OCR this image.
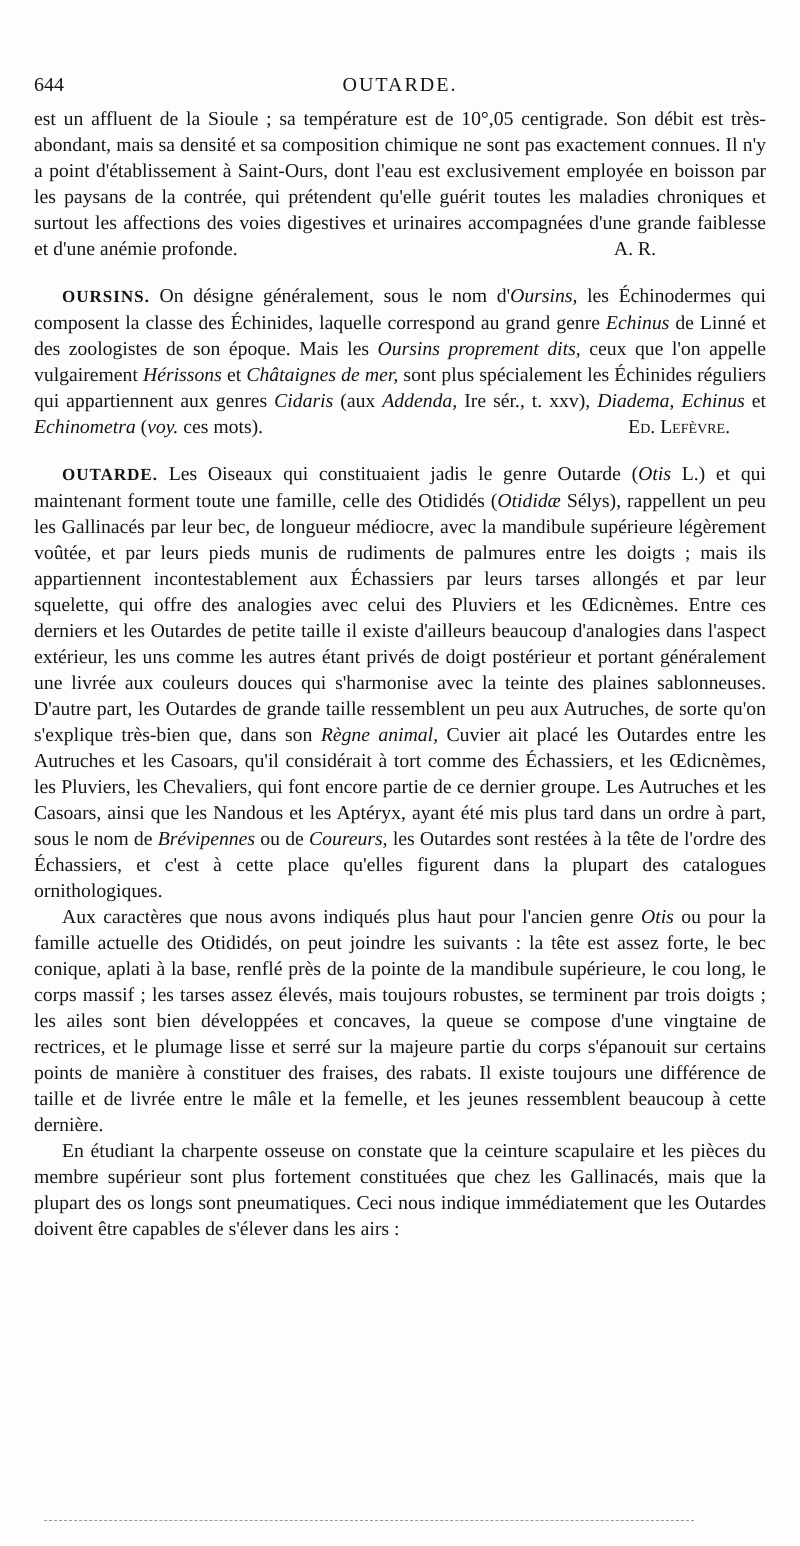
644	OUTARDE.

est un affluent de la Sioule ; sa température est de 10°,05 centigrade. Son débit est très-abondant, mais sa densité et sa composition chimique ne sont pas exactement connues. Il n'y a point d'établissement à Saint-Ours, dont l'eau est exclusivement employée en boisson par les paysans de la contrée, qui prétendent qu'elle guérit toutes les maladies chroniques et surtout les affections des voies digestives et urinaires accompagnées d'une grande faiblesse et d'une anémie profonde.	A. R.

OURSINS. On désigne généralement, sous le nom d'Oursins, les Échinodermes qui composent la classe des Échinides, laquelle correspond au grand genre Echinus de Linné et des zoologistes de son époque. Mais les Oursins proprement dits, ceux que l'on appelle vulgairement Hérissons et Châtaignes de mer, sont plus spécialement les Échinides réguliers qui appartiennent aux genres Cidaris (aux Addenda, Ire sér., t. xxv), Diadema, Echinus et Echinometra (voy. ces mots).	Ed. Lefèvre.

OUTARDE. Les Oiseaux qui constituaient jadis le genre Outarde (Otis L.) et qui maintenant forment toute une famille, celle des Otididés (Otididæ Sélys), rappellent un peu les Gallinacés par leur bec, de longueur médiocre, avec la mandibule supérieure légèrement voûtée, et par leurs pieds munis de rudiments de palmures entre les doigts ; mais ils appartiennent incontestablement aux Échassiers par leurs tarses allongés et par leur squelette, qui offre des analogies avec celui des Pluviers et les Œdicnèmes. Entre ces derniers et les Outardes de petite taille il existe d'ailleurs beaucoup d'analogies dans l'aspect extérieur, les uns comme les autres étant privés de doigt postérieur et portant généralement une livrée aux couleurs douces qui s'harmonise avec la teinte des plaines sablonneuses. D'autre part, les Outardes de grande taille ressemblent un peu aux Autruches, de sorte qu'on s'explique très-bien que, dans son Règne animal, Cuvier ait placé les Outardes entre les Autruches et les Casoars, qu'il considérait à tort comme des Échassiers, et les Œdicnèmes, les Pluviers, les Chevaliers, qui font encore partie de ce dernier groupe. Les Autruches et les Casoars, ainsi que les Nandous et les Aptéryx, ayant été mis plus tard dans un ordre à part, sous le nom de Brévipennes ou de Coureurs, les Outardes sont restées à la tête de l'ordre des Échassiers, et c'est à cette place qu'elles figurent dans la plupart des catalogues ornithologiques.

Aux caractères que nous avons indiqués plus haut pour l'ancien genre Otis ou pour la famille actuelle des Otididés, on peut joindre les suivants : la tête est assez forte, le bec conique, aplati à la base, renflé près de la pointe de la mandibule supérieure, le cou long, le corps massif ; les tarses assez élevés, mais toujours robustes, se terminent par trois doigts ; les ailes sont bien développées et concaves, la queue se compose d'une vingtaine de rectrices, et le plumage lisse et serré sur la majeure partie du corps s'épanouit sur certains points de manière à constituer des fraises, des rabats. Il existe toujours une différence de taille et de livrée entre le mâle et la femelle, et les jeunes ressemblent beaucoup à cette dernière.

En étudiant la charpente osseuse on constate que la ceinture scapulaire et les pièces du membre supérieur sont plus fortement constituées que chez les Gallinacés, mais que la plupart des os longs sont pneumatiques. Ceci nous indique immédiatement que les Outardes doivent être capables de s'élever dans les airs :
